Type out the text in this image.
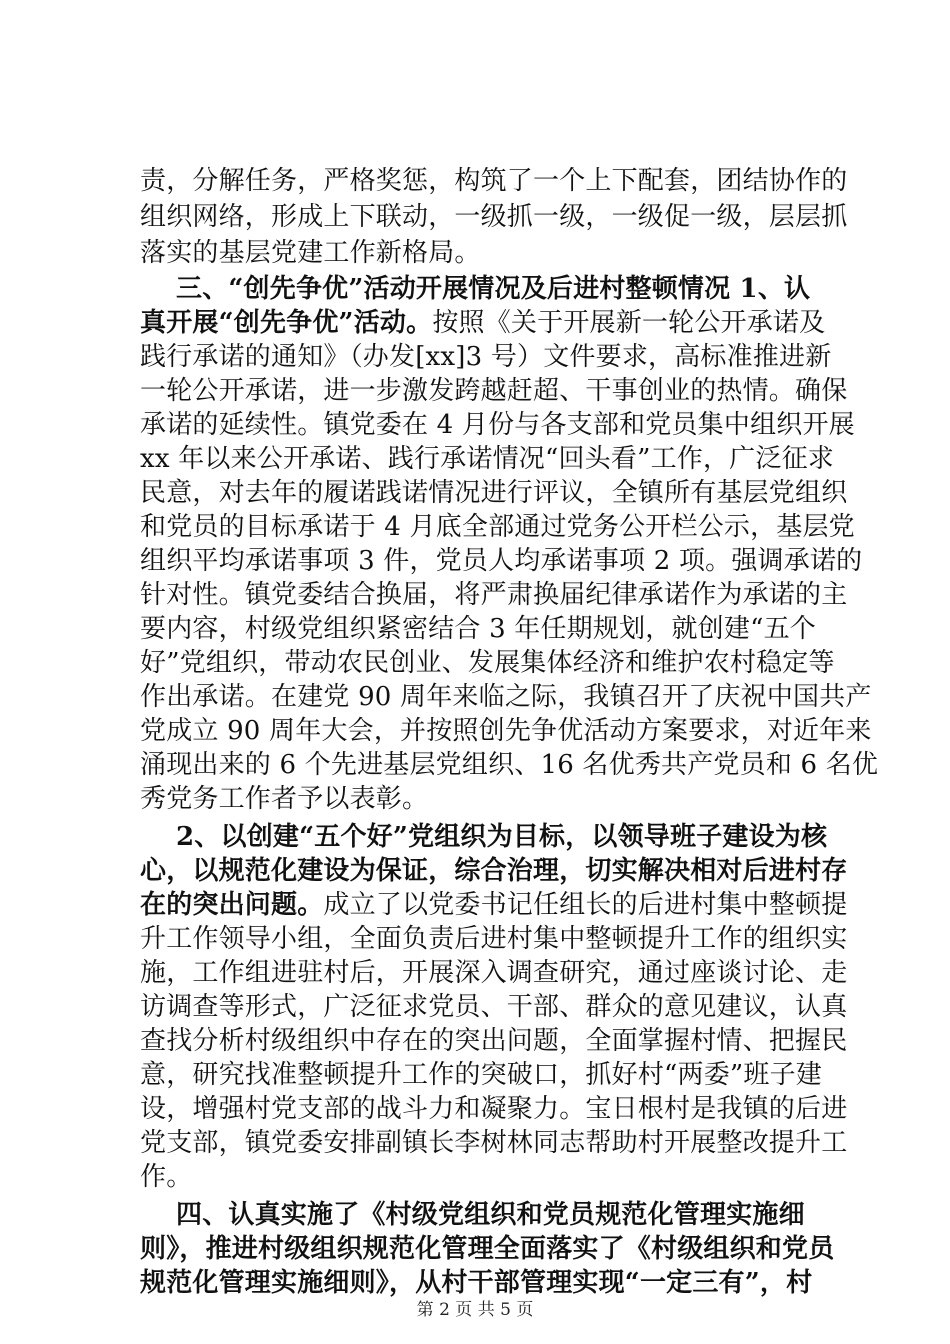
责，分解任务，严格奖惩，构筑了一个上下配套，团结协作的
组织网络，形成上下联动，一级抓一级，一级促一级，层层抓
落实的基层党建工作新格局。
三、“创先争优”活动开展情况及后进村整顿情况 1、认
真开展“创先争优”活动。按照《关于开展新一轮公开承诺及
践行承诺的通知》（办发[xx]3 号）文件要求，高标准推进新
一轮公开承诺，进一步激发跨越赶超、干事创业的热情。确保
承诺的延续性。镇党委在 4 月份与各支部和党员集中组织开展
xx 年以来公开承诺、践行承诺情况“回头看”工作，广泛征求
民意，对去年的履诺践诺情况进行评议，全镇所有基层党组织
和党员的目标承诺于 4 月底全部通过党务公开栏公示，基层党
组织平均承诺事项 3 件，党员人均承诺事项 2 项。强调承诺的
针对性。镇党委结合换届，将严肃换届纪律承诺作为承诺的主
要内容，村级党组织紧密结合 3 年任期规划，就创建“五个
好”党组织，带动农民创业、发展集体经济和维护农村稳定等
作出承诺。在建党 90 周年来临之际，我镇召开了庆祝中国共产
党成立 90 周年大会，并按照创先争优活动方案要求，对近年来
涌现出来的 6 个先进基层党组织、16 名优秀共产党员和 6 名优
秀党务工作者予以表彰。
2、以创建“五个好”党组织为目标，以领导班子建设为核
心，以规范化建设为保证，综合治理，切实解决相对后进村存
在的突出问题。成立了以党委书记任组长的后进村集中整顿提
升工作领导小组，全面负责后进村集中整顿提升工作的组织实
施，工作组进驻村后，开展深入调查研究，通过座谈讨论、走
访调查等形式，广泛征求党员、干部、群众的意见建议，认真
查找分析村级组织中存在的突出问题，全面掌握村情、把握民
意，研究找准整顿提升工作的突破口，抓好村“两委”班子建
设，增强村党支部的战斗力和凝聚力。宝日根村是我镇的后进
党支部，镇党委安排副镇长李树林同志帮助村开展整改提升工
作。
四、认真实施了《村级党组织和党员规范化管理实施细
则》，推进村级组织规范化管理全面落实了《村级组织和党员
规范化管理实施细则》，从村干部管理实现“一定三有”，村
第 2 页 共 5 页
